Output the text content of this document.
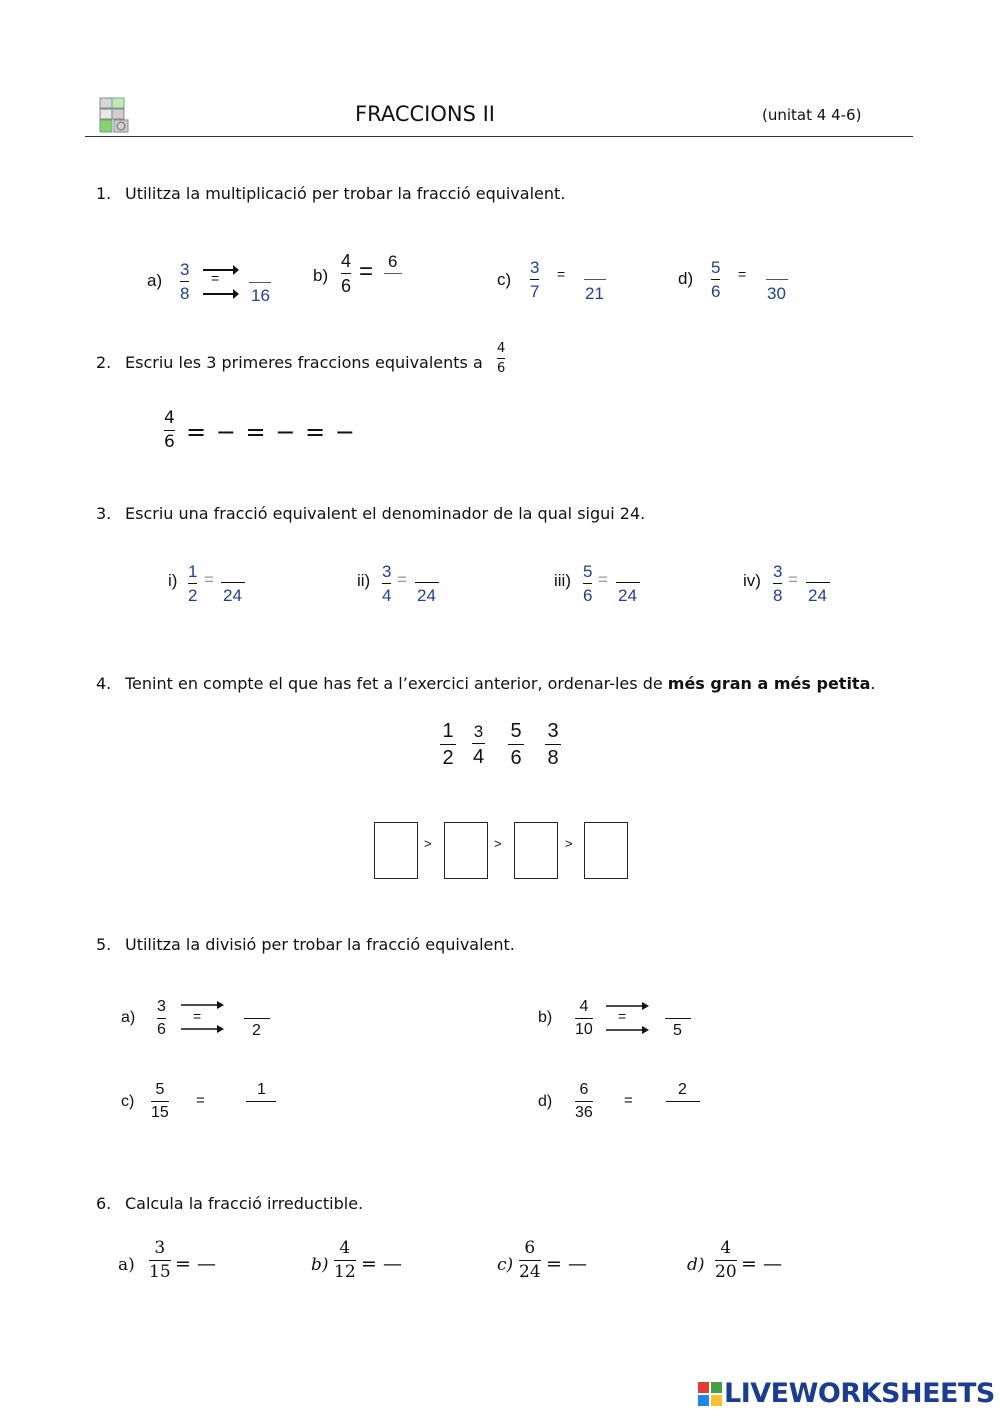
FRACCIONS II	(unitat 4 4-6)
1. Utilitza la multiplicació per trobar la fracció equivalent.
a)
3
8
=
16
b)
4
6
= 6
c)
3
7
=
21
d)
5
6
=
30
2. Escriu les 3 primeres fraccions equivalents a
4
6
4
6 = − = − = −
3. Escriu una fracció equivalent el denominador de la qual sigui 24.
i) 1
2
=
24
ii) 3
4
=
24
iii) 5
6
=
24
iv) 3
8
=
24
4. Tenint en compte el que has fet a l’exercici anterior, ordenar-les de més gran a més petita.
1
2
3
4
5
6
3
8
>	>	>
5. Utilitza la divisió per trobar la fracció equivalent.
a)
3
6
=
2
b)
4
10
=
5
c)
5
15
=
1
d)
6
36
=
2
6. Calcula la fracció irreductible.
a)
3
15 = —	b)
4
12 = —	c)
6
24 = —	d)
4
20 = —
LIVEWORKSHEETS
